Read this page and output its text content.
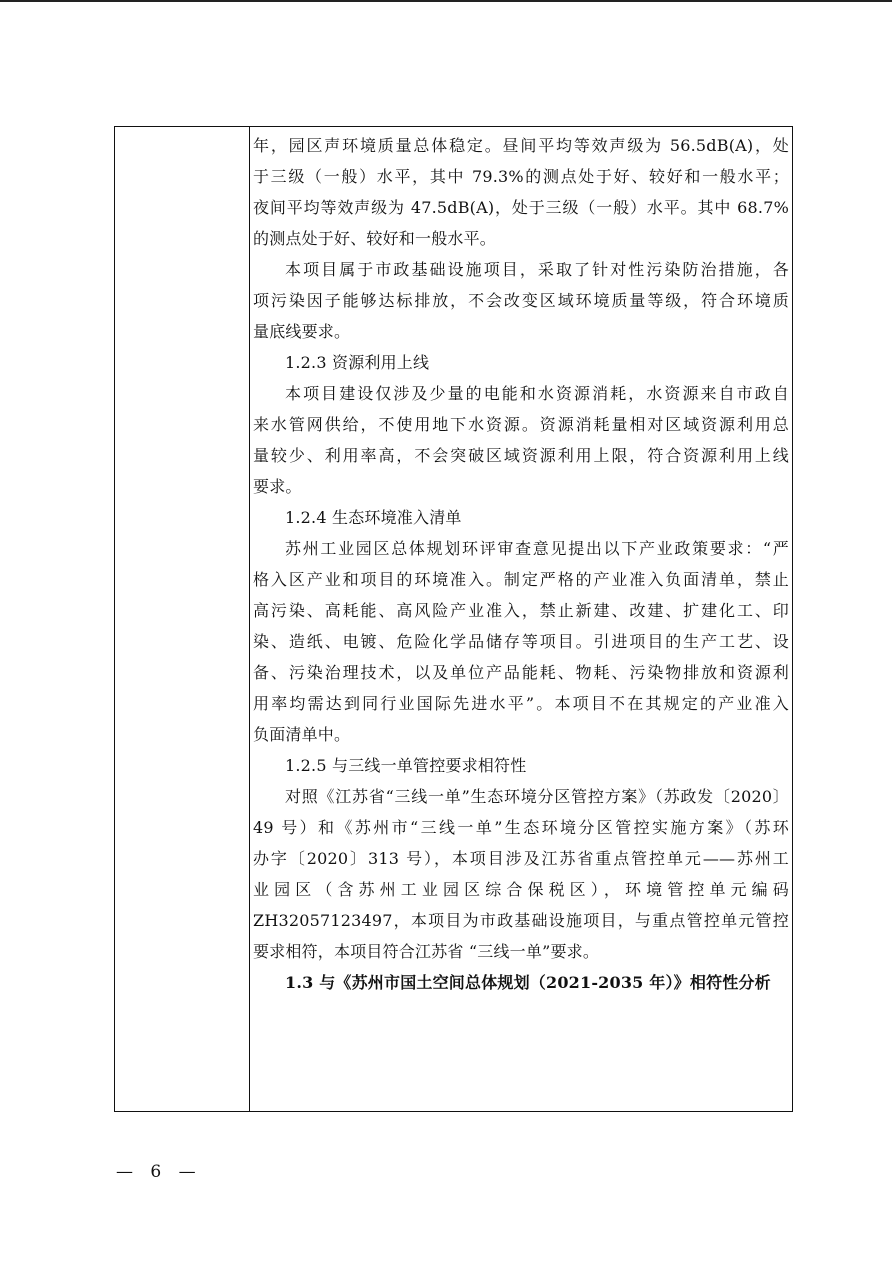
年，园区声环境质量总体稳定。昼间平均等效声级为 56.5dB(A)，处
于三级（一般）水平，其中 79.3%的测点处于好、较好和一般水平；
夜间平均等效声级为 47.5dB(A)，处于三级（一般）水平。其中 68.7%
的测点处于好、较好和一般水平。

本项目属于市政基础设施项目，采取了针对性污染防治措施，各
项污染因子能够达标排放，不会改变区域环境质量等级，符合环境质
量底线要求。

1.2.3 资源利用上线

本项目建设仅涉及少量的电能和水资源消耗，水资源来自市政自
来水管网供给，不使用地下水资源。资源消耗量相对区域资源利用总
量较少、利用率高，不会突破区域资源利用上限，符合资源利用上线
要求。

1.2.4 生态环境准入清单

苏州工业园区总体规划环评审查意见提出以下产业政策要求：“严
格入区产业和项目的环境准入。制定严格的产业准入负面清单，禁止
高污染、高耗能、高风险产业准入，禁止新建、改建、扩建化工、印
染、造纸、电镀、危险化学品储存等项目。引进项目的生产工艺、设
备、污染治理技术，以及单位产品能耗、物耗、污染物排放和资源利
用率均需达到同行业国际先进水平”。本项目不在其规定的产业准入
负面清单中。

1.2.5 与三线一单管控要求相符性

对照《江苏省“三线一单”生态环境分区管控方案》（苏政发〔2020〕
49 号）和《苏州市“三线一单”生态环境分区管控实施方案》（苏环
办字〔2020〕313 号），本项目涉及江苏省重点管控单元——苏州工
业园区（含苏州工业园区综合保税区），环境管控单元编码
ZH32057123497，本项目为市政基础设施项目，与重点管控单元管控
要求相符，本项目符合江苏省 “三线一单”要求。

1.3 与《苏州市国土空间总体规划（2021-2035 年）》相符性分析

— 6 —
